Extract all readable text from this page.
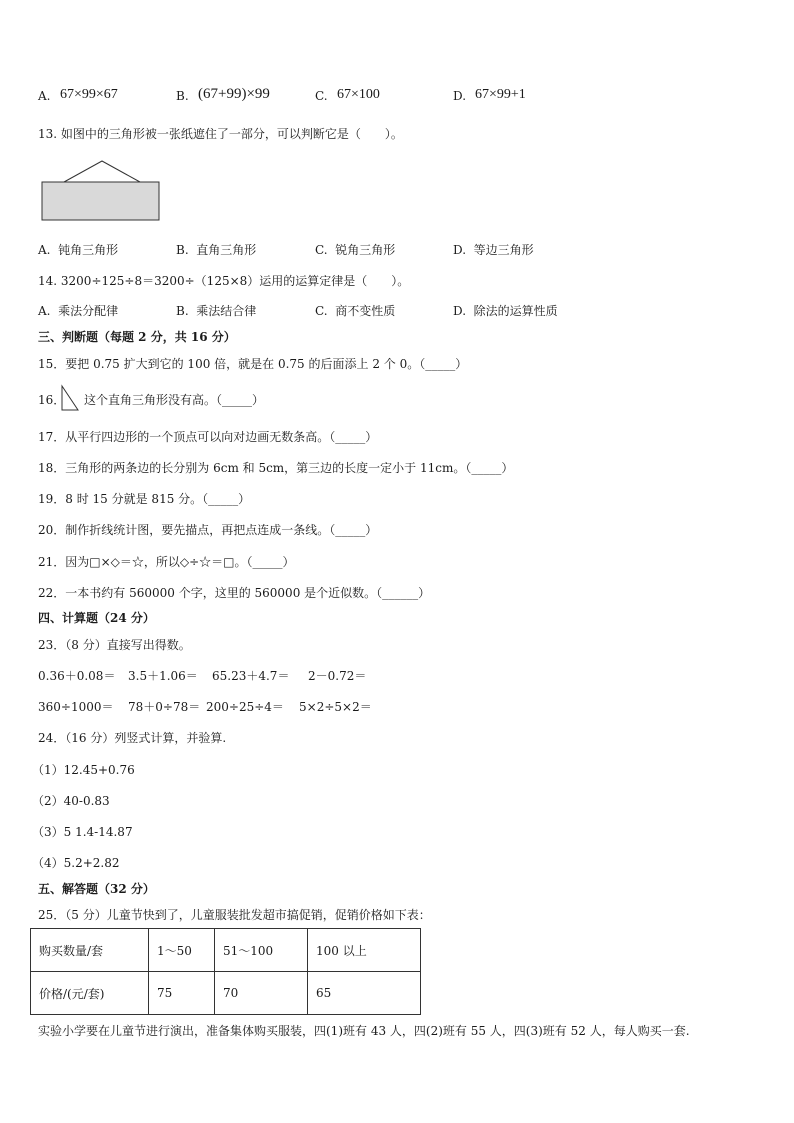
A. 67×99×67	B. (67+99)×99	C. 67×100	D. 67×99+1
13. 如图中的三角形被一张纸遮住了一部分，可以判断它是（　　）。
A. 钝角三角形	B. 直角三角形	C. 锐角三角形	D. 等边三角形
14. 3200÷125÷8＝3200÷（125×8）运用的运算定律是（　　）。
A. 乘法分配律	B. 乘法结合律	C. 商不变性质	D. 除法的运算性质
三、判断题（每题 2 分，共 16 分）
15．要把 0.75 扩大到它的 100 倍，就是在 0.75 的后面添上 2 个 0。（_____）
16． 这个直角三角形没有高。（_____）
17．从平行四边形的一个顶点可以向对边画无数条高。（_____）
18．三角形的两条边的长分别为 6cm 和 5cm，第三边的长度一定小于 11cm。（_____）
19．8 时 15 分就是 815 分。（_____）
20．制作折线统计图，要先描点，再把点连成一条线。（_____）
21．因为□×◇＝☆，所以◇÷☆＝□。（_____）
22．一本书约有 560000 个字，这里的 560000 是个近似数。（______）
四、计算题（24 分）
23．（8 分）直接写出得数。
0.36＋0.08＝ 3.5＋1.06＝ 65.23＋4.7＝ 2－0.72＝
360÷1000＝ 78＋0÷78＝ 200÷25÷4＝ 5×2÷5×2＝
24．（16 分）列竖式计算，并验算.
（1）12.45+0.76
（2）40-0.83
（3）5 1.4-14.87
（4）5.2+2.82
五、解答题（32 分）
25．（5 分）儿童节快到了，儿童服装批发超市搞促销，促销价格如下表：
购买数量/套	1～50	51～100	100 以上
价格/(元/套)	75	70	65
实验小学要在儿童节进行演出，准备集体购买服装，四(1)班有 43 人，四(2)班有 55 人，四(3)班有 52 人，每人购买一套.
